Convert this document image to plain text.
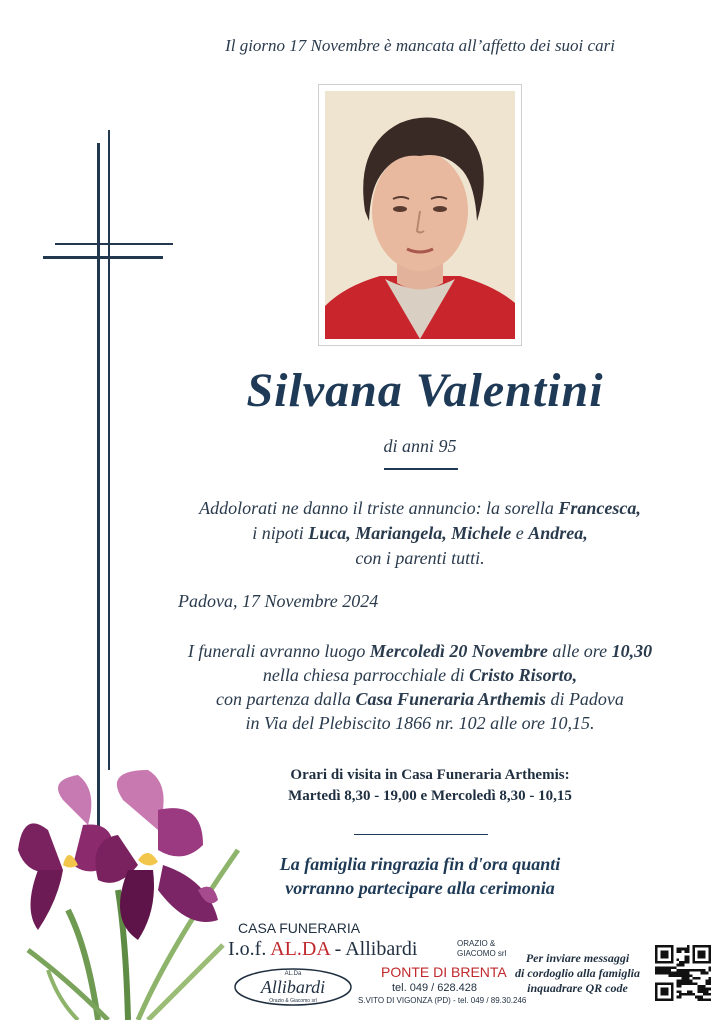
Il giorno 17 Novembre è mancata all’affetto dei suoi cari
Silvana Valentini
di anni 95
Addolorati ne danno il triste annuncio: la sorella Francesca,
i nipoti Luca, Mariangela, Michele e Andrea,
con i parenti tutti.
Padova, 17 Novembre 2024
I funerali avranno luogo Mercoledì 20 Novembre alle ore 10,30
nella chiesa parrocchiale di Cristo Risorto,
con partenza dalla Casa Funeraria Arthemis di Padova
in Via del Plebiscito 1866 nr. 102 alle ore 10,15.
Orari di visita in Casa Funeraria Arthemis:
Martedì 8,30 - 19,00 e Mercoledì 8,30 - 10,15
La famiglia ringrazia fin d'ora quanti
vorranno partecipare alla cerimonia
CASA FUNERARIA
I.o.f. AL.DA - Allibardi	ORAZIO &
GIACOMO srl
AL.Da
Allibardi
Orazio & Giacomo srl
PONTE DI BRENTA
tel. 049 / 628.428
S.VITO DI VIGONZA (PD) - tel. 049 / 89.30.246
Per inviare messaggi
di cordoglio alla famiglia
inquadrare QR code
